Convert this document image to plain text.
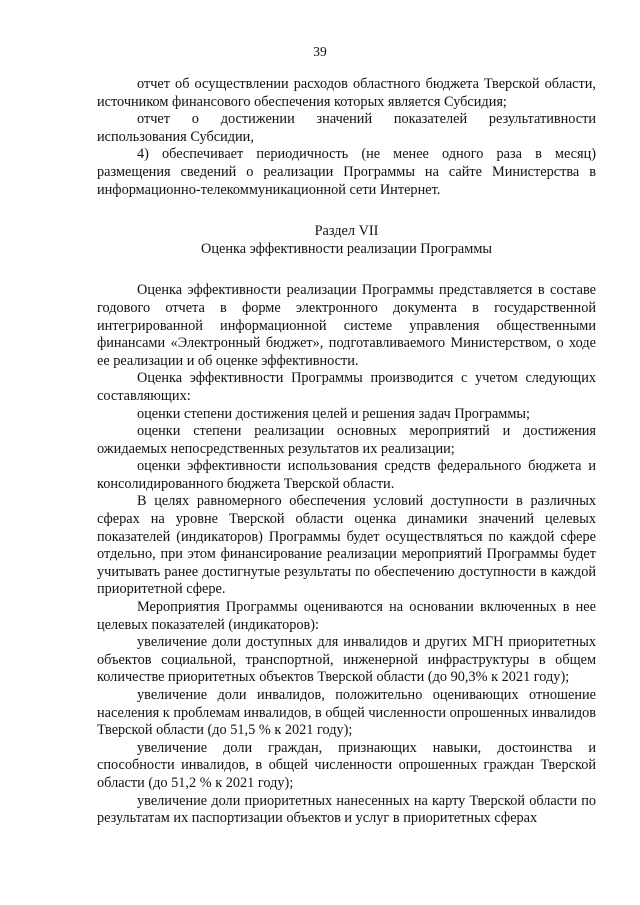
39

отчет об осуществлении расходов областного бюджета Тверской области, источником финансового обеспечения которых является Субсидия;

отчет о достижении значений показателей результативности использования Субсидии,

4) обеспечивает периодичность (не менее одного раза в месяц) размещения сведений о реализации Программы на сайте Министерства в информационно-телекоммуникационной сети Интернет.

Раздел VII

Оценка эффективности реализации Программы

Оценка эффективности реализации Программы представляется в составе годового отчета в форме электронного документа в государственной интегрированной информационной системе управления общественными финансами «Электронный бюджет», подготавливаемого Министерством, о ходе ее реализации и об оценке эффективности.

Оценка эффективности Программы производится с учетом следующих составляющих:

оценки степени достижения целей и решения задач Программы;

оценки степени реализации основных мероприятий и достижения ожидаемых непосредственных результатов их реализации;

оценки эффективности использования средств федерального бюджета и консолидированного бюджета Тверской области.

В целях равномерного обеспечения условий доступности в различных сферах на уровне Тверской области оценка динамики значений целевых показателей (индикаторов) Программы будет осуществляться по каждой сфере отдельно, при этом финансирование реализации мероприятий Программы будет учитывать ранее достигнутые результаты по обеспечению доступности в каждой приоритетной сфере.

Мероприятия Программы оцениваются на основании включенных в нее целевых показателей (индикаторов):

увеличение доли доступных для инвалидов и других МГН приоритетных объектов социальной, транспортной, инженерной инфраструктуры в общем количестве приоритетных объектов Тверской области (до 90,3% к 2021 году);

увеличение доли инвалидов, положительно оценивающих отношение населения к проблемам инвалидов, в общей численности опрошенных инвалидов Тверской области (до 51,5 % к 2021 году);

увеличение доли граждан, признающих навыки, достоинства и способности инвалидов, в общей численности опрошенных граждан Тверской области (до 51,2 % к 2021 году);

увеличение доли приоритетных нанесенных на карту Тверской области по результатам их паспортизации объектов и услуг в приоритетных сферах
